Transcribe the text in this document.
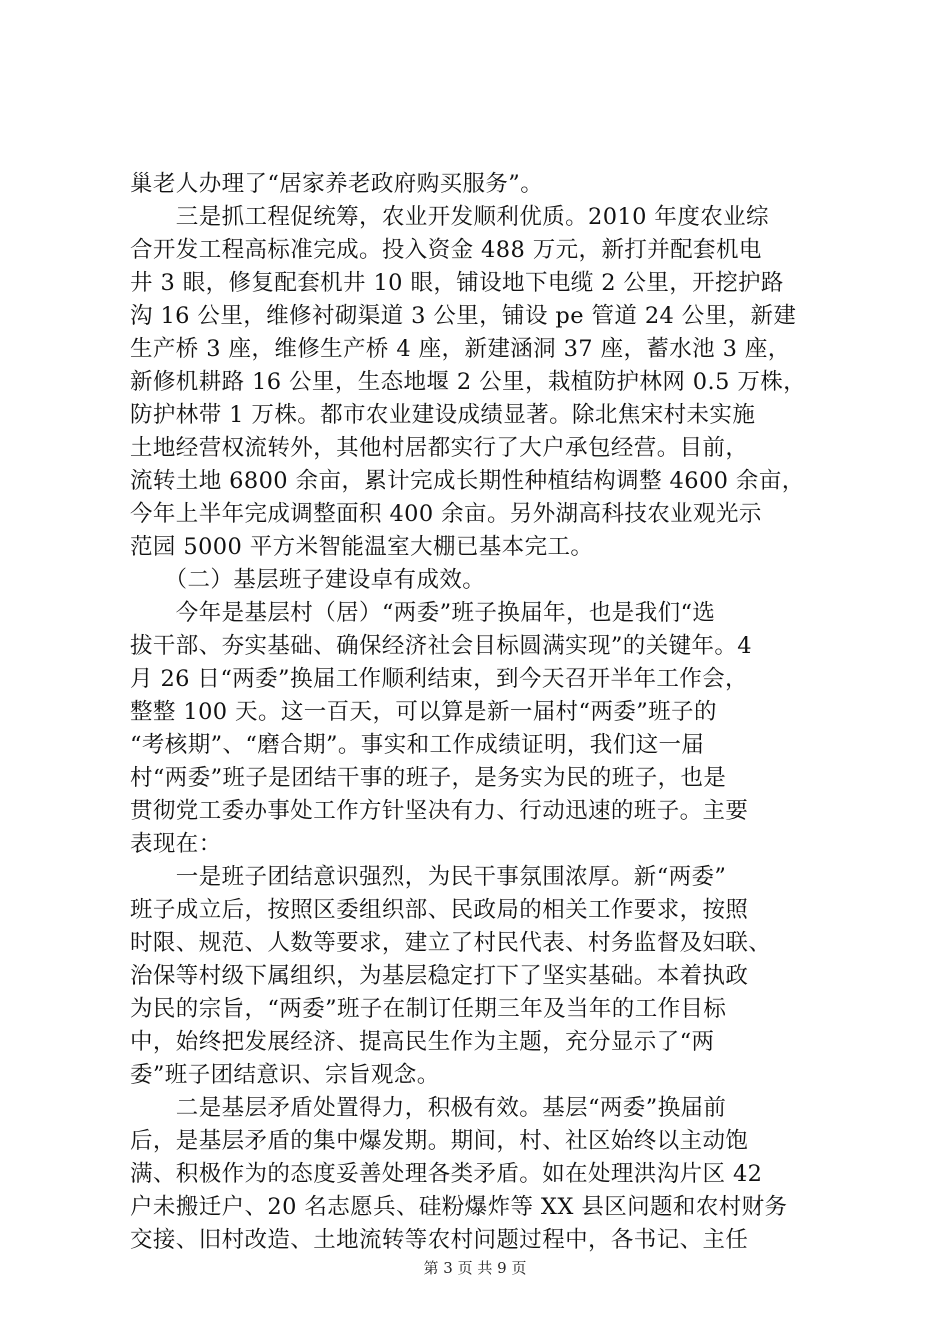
巢老人办理了“居家养老政府购买服务”。
　　三是抓工程促统筹，农业开发顺利优质。2010 年度农业综
合开发工程高标准完成。投入资金 488 万元，新打并配套机电
井 3 眼，修复配套机井 10 眼，铺设地下电缆 2 公里，开挖护路
沟 16 公里，维修衬砌渠道 3 公里，铺设 pe 管道 24 公里，新建
生产桥 3 座，维修生产桥 4 座，新建涵洞 37 座，蓄水池 3 座，
新修机耕路 16 公里，生态地堰 2 公里，栽植防护林网 0.5 万株，
防护林带 1 万株。都市农业建设成绩显著。除北焦宋村未实施
土地经营权流转外，其他村居都实行了大户承包经营。目前，
流转土地 6800 余亩，累计完成长期性种植结构调整 4600 余亩，
今年上半年完成调整面积 400 余亩。另外湖高科技农业观光示
范园 5000 平方米智能温室大棚已基本完工。
　　（二）基层班子建设卓有成效。
　　今年是基层村（居）“两委”班子换届年，也是我们“选
拔干部、夯实基础、确保经济社会目标圆满实现”的关键年。4
月 26 日“两委”换届工作顺利结束，到今天召开半年工作会，
整整 100 天。这一百天，可以算是新一届村“两委”班子的
“考核期”、“磨合期”。事实和工作成绩证明，我们这一届
村“两委”班子是团结干事的班子，是务实为民的班子，也是
贯彻党工委办事处工作方针坚决有力、行动迅速的班子。主要
表现在：
　　一是班子团结意识强烈，为民干事氛围浓厚。新“两委”
班子成立后，按照区委组织部、民政局的相关工作要求，按照
时限、规范、人数等要求，建立了村民代表、村务监督及妇联、
治保等村级下属组织，为基层稳定打下了坚实基础。本着执政
为民的宗旨，“两委”班子在制订任期三年及当年的工作目标
中，始终把发展经济、提高民生作为主题，充分显示了“两
委”班子团结意识、宗旨观念。
　　二是基层矛盾处置得力，积极有效。基层“两委”换届前
后，是基层矛盾的集中爆发期。期间，村、社区始终以主动饱
满、积极作为的态度妥善处理各类矛盾。如在处理洪沟片区 42
户未搬迁户、20 名志愿兵、硅粉爆炸等 XX 县区问题和农村财务
交接、旧村改造、土地流转等农村问题过程中，各书记、主任
第 3 页 共 9 页
